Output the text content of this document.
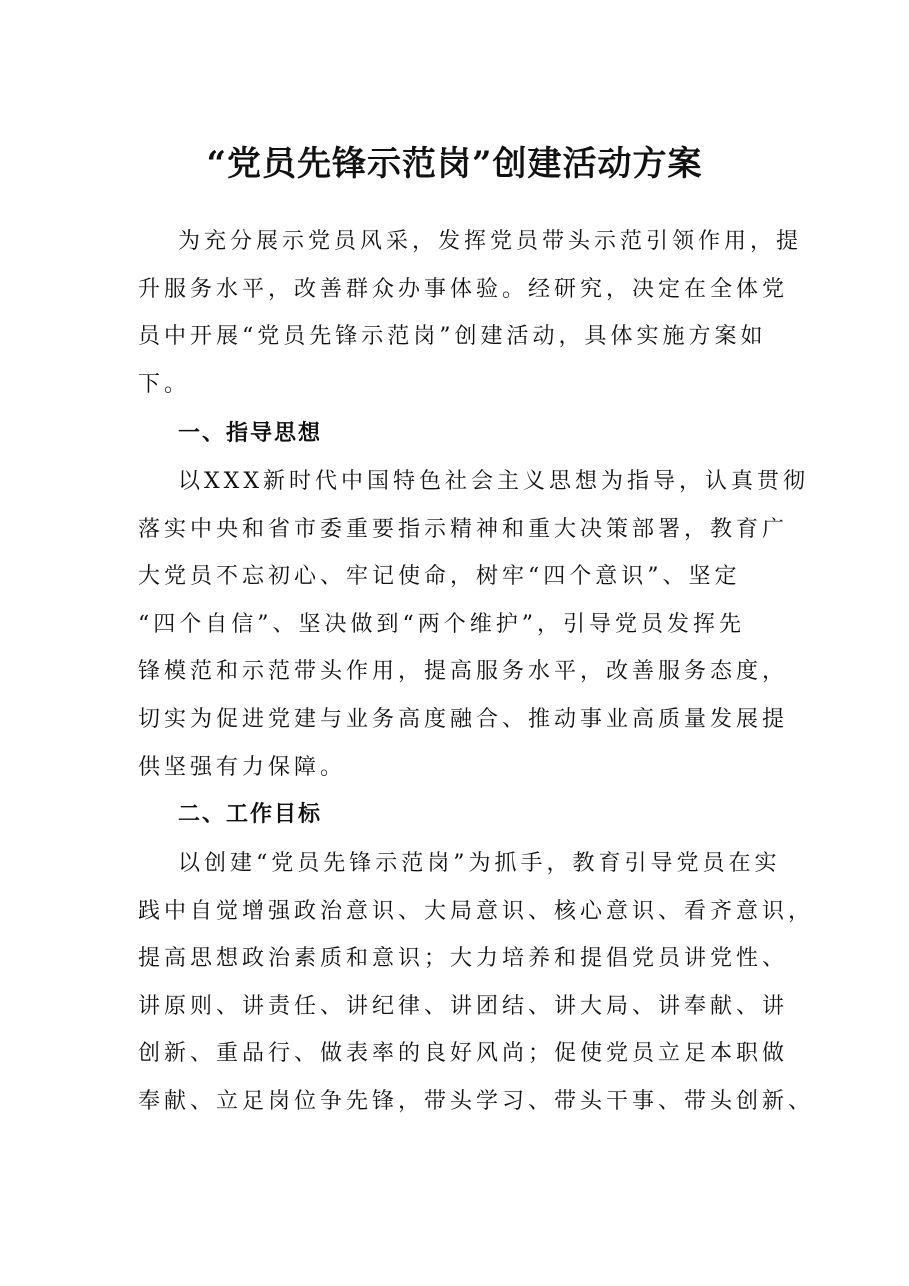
“党员先锋示范岗”创建活动方案
为充分展示党员风采，发挥党员带头示范引领作用，提
升服务水平，改善群众办事体验。经研究，决定在全体党
员中开展“党员先锋示范岗”创建活动，具体实施方案如
下。
一、指导思想
以XXX新时代中国特色社会主义思想为指导，认真贯彻
落实中央和省市委重要指示精神和重大决策部署，教育广
大党员不忘初心、牢记使命，树牢“四个意识”、坚定
“四个自信”、坚决做到“两个维护”，引导党员发挥先
锋模范和示范带头作用，提高服务水平，改善服务态度，
切实为促进党建与业务高度融合、推动事业高质量发展提
供坚强有力保障。
二、工作目标
以创建“党员先锋示范岗”为抓手，教育引导党员在实
践中自觉增强政治意识、大局意识、核心意识、看齐意识，
提高思想政治素质和意识；大力培养和提倡党员讲党性、
讲原则、讲责任、讲纪律、讲团结、讲大局、讲奉献、讲
创新、重品行、做表率的良好风尚；促使党员立足本职做
奉献、立足岗位争先锋，带头学习、带头干事、带头创新、
